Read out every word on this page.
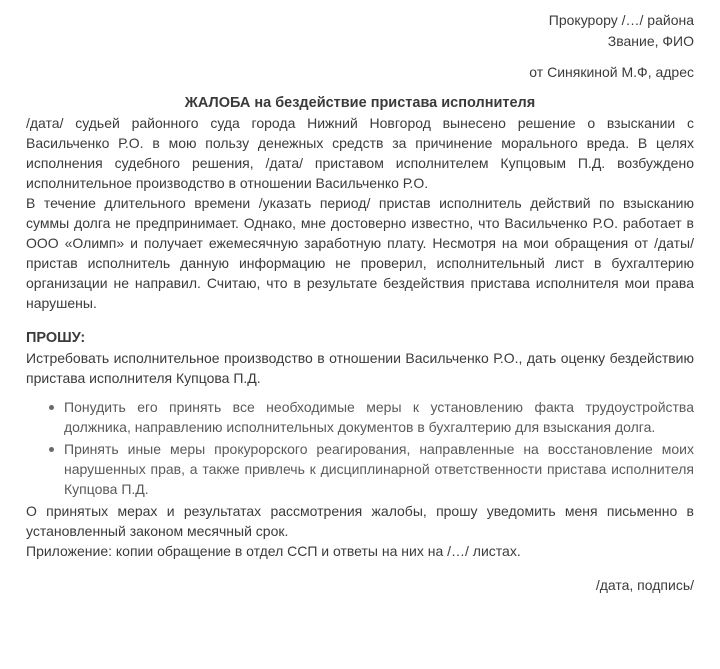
Прокурору /…/ района
Звание, ФИО
от Синякиной М.Ф, адрес
ЖАЛОБА на бездействие пристава исполнителя

/дата/ судьей районного суда города Нижний Новгород вынесено решение о взыскании с Васильченко Р.О. в мою пользу денежных средств за причинение морального вреда. В целях исполнения судебного решения, /дата/ приставом исполнителем Купцовым П.Д. возбуждено исполнительное производство в отношении Васильченко Р.О.

В течение длительного времени /указать период/ пристав исполнитель действий по взысканию суммы долга не предпринимает. Однако, мне достоверно известно, что Васильченко Р.О. работает в ООО «Олимп» и получает ежемесячную заработную плату. Несмотря на мои обращения от /даты/ пристав исполнитель данную информацию не проверил, исполнительный лист в бухгалтерию организации не направил. Считаю, что в результате бездействия пристава исполнителя мои права нарушены.

ПРОШУ:

Истребовать исполнительное производство в отношении Васильченко Р.О., дать оценку бездействию пристава исполнителя Купцова П.Д.

Понудить его принять все необходимые меры к установлению факта трудоустройства должника, направлению исполнительных документов в бухгалтерию для взыскания долга.
Принять иные меры прокурорского реагирования, направленные на восстановление моих нарушенных прав, а также привлечь к дисциплинарной ответственности пристава исполнителя Купцова П.Д.

О принятых мерах и результатах рассмотрения жалобы, прошу уведомить меня письменно в установленный законом месячный срок.

Приложение: копии обращение в отдел ССП и ответы на них на /…/ листах.

/дата, подпись/
